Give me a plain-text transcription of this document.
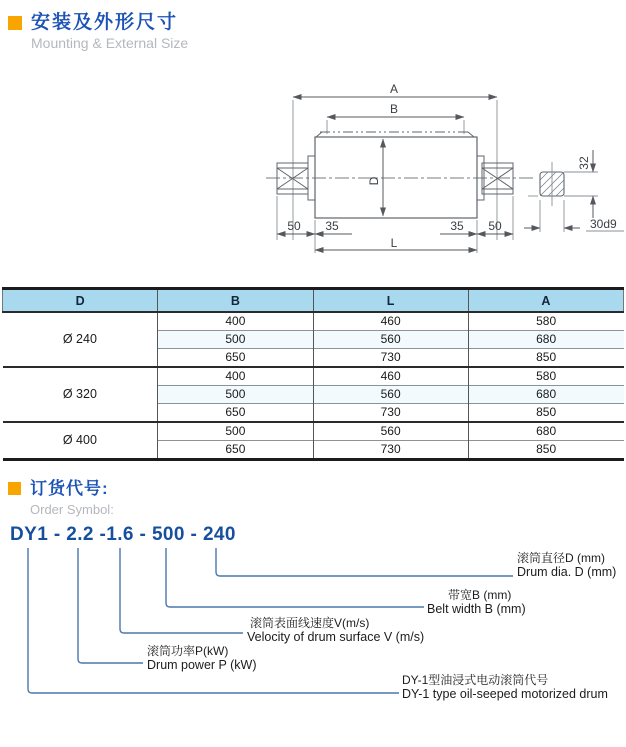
安装及外形尺寸
Mounting & External Size
A
B
D
L
50 35	35 50
32
30d9
D	B	L	A
Ø 240	400	460	580
	500	560	680
	650	730	850
Ø 320	400	460	580
	500	560	680
	650	730	850
Ø 400	500	560	680
	650	730	850
订货代号:
Order Symbol:
DY1 - 2.2 -1.6 - 500 - 240
滚筒直径D (mm)
Drum dia. D (mm)
带宽B (mm)
Belt width B (mm)
滚筒表面线速度V(m/s)
Velocity of drum surface V (m/s)
滚筒功率P(kW)
Drum power P (kW)
DY-1型油浸式电动滚筒代号
DY-1 type oil-seeped motorized drum
